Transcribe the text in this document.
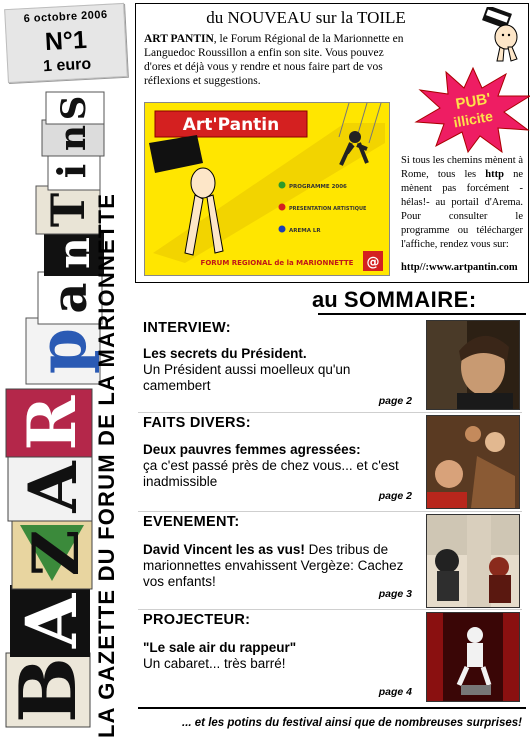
6 octobre 2006
N°1
1 euro
p
a
n
T
i
n
S
B
A
Z
A
R LA GAZETTE DU FORUM DE LA MARIONNETTE
du NOUVEAU sur la TOILE
ART PANTIN, le Forum Régional de la Marionnette en Languedoc Roussillon a enfin son site. Vous pouvez d'ores et déjà vous y rendre et nous faire part de vos réflexions et suggestions.
PUB'
illicite
Art'Pantin
PROGRAMME 2006
PRESENTATION ARTISTIQUE
AREMA LR
FORUM REGIONAL de la MARIONNETTE @
Si tous les chemins mènent à Rome, tous les http ne mènent pas forcément -hélas!- au portail d'Arema. Pour consulter le programme ou télécharger l'affiche, rendez vous sur:
http//:www.artpantin.com
au SOMMAIRE:
INTERVIEW:
Les secrets du Président.
Un Président aussi moelleux qu'un camembert
page 2
FAITS DIVERS:
Deux pauvres femmes agressées:
ça c'est passé près de chez vous... et c'est inadmissible
page 2
EVENEMENT:
David Vincent les as vus! Des tribus de marionnettes envahissent Vergèze: Cachez vos enfants!
page 3
PROJECTEUR:
"Le sale air du rappeur"
Un cabaret... très barré!
page 4
... et les potins du festival ainsi que de nombreuses surprises!
